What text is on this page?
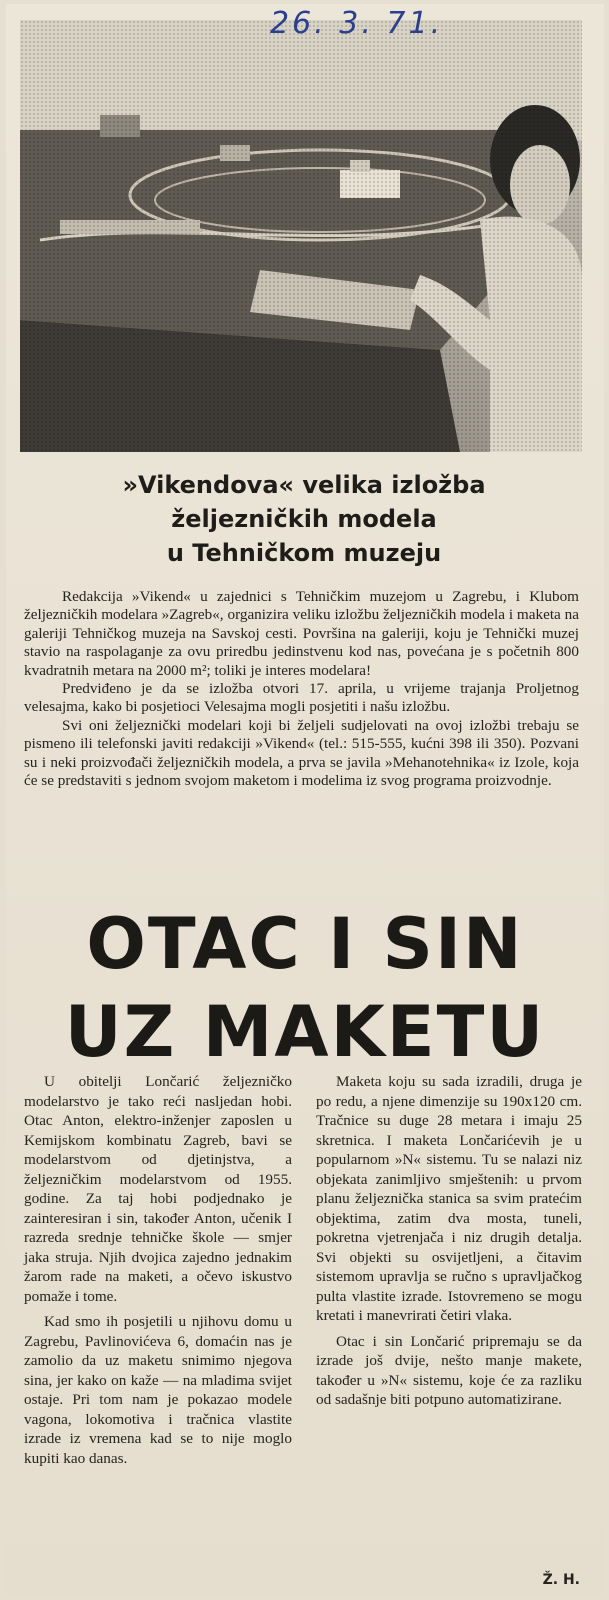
26. 3. 71.
»Vikendova« velika izložba
željezničkih modela
u Tehničkom muzeju

Redakcija »Vikend« u zajednici s Tehničkim muzejom u Zagrebu, i Klubom željezničkih modelara »Zagreb«, organizira veliku izložbu željezničkih modela i maketa na galeriji Tehničkog muzeja na Savskoj cesti. Površina na galeriji, koju je Tehnički muzej stavio na raspolaganje za ovu priredbu jedinstvenu kod nas, povećana je s početnih 800 kvadratnih metara na 2000 m²; toliki je interes modelara!

Predviđeno je da se izložba otvori 17. aprila, u vrijeme trajanja Proljetnog velesajma, kako bi posjetioci Velesajma mogli posjetiti i našu izložbu.

Svi oni željeznički modelari koji bi željeli sudjelovati na ovoj izložbi trebaju se pismeno ili telefonski javiti redakciji »Vikend« (tel.: 515-555, kućni 398 ili 350). Pozvani su i neki proizvođači željezničkih modela, a prva se javila »Mehanotehnika« iz Izole, koja će se predstaviti s jednom svojom maketom i modelima iz svog programa proizvodnje.

OTAC I SIN
UZ MAKETU

U obitelji Lončarić željezničko modelarstvo je tako reći nasljedan hobi. Otac Anton, elektro-inženjer zaposlen u Kemijskom kombinatu Zagreb, bavi se modelarstvom od djetinjstva, a željezničkim modelarstvom od 1955. godine. Za taj hobi podjednako je zainteresiran i sin, također Anton, učenik I razreda srednje tehničke škole — smjer jaka struja. Njih dvojica zajedno jednakim žarom rade na maketi, a očevo iskustvo pomaže i tome.

Kad smo ih posjetili u njihovu domu u Zagrebu, Pavlinovićeva 6, domaćin nas je zamolio da uz maketu snimimo njegova sina, jer kako on kaže — na mladima svijet ostaje. Pri tom nam je pokazao modele vagona, lokomotiva i tračnica vlastite izrade iz vremena kad se to nije moglo kupiti kao danas.

Maketa koju su sada izradili, druga je po redu, a njene dimenzije su 190x120 cm. Tračnice su duge 28 metara i imaju 25 skretnica. I maketa Lončarićevih je u popularnom »N« sistemu. Tu se nalazi niz objekata zanimljivo smještenih: u prvom planu željeznička stanica sa svim pratećim objektima, zatim dva mosta, tuneli, pokretna vjetrenjača i niz drugih detalja. Svi objekti su osvijetljeni, a čitavim sistemom upravlja se ručno s upravljačkog pulta vlastite izrade. Istovremeno se mogu kretati i manevrirati četiri vlaka.

Otac i sin Lončarić pripremaju se da izrade još dvije, nešto manje makete, također u »N« sistemu, koje će za razliku od sadašnje biti potpuno automatizirane.

Ž. H.
